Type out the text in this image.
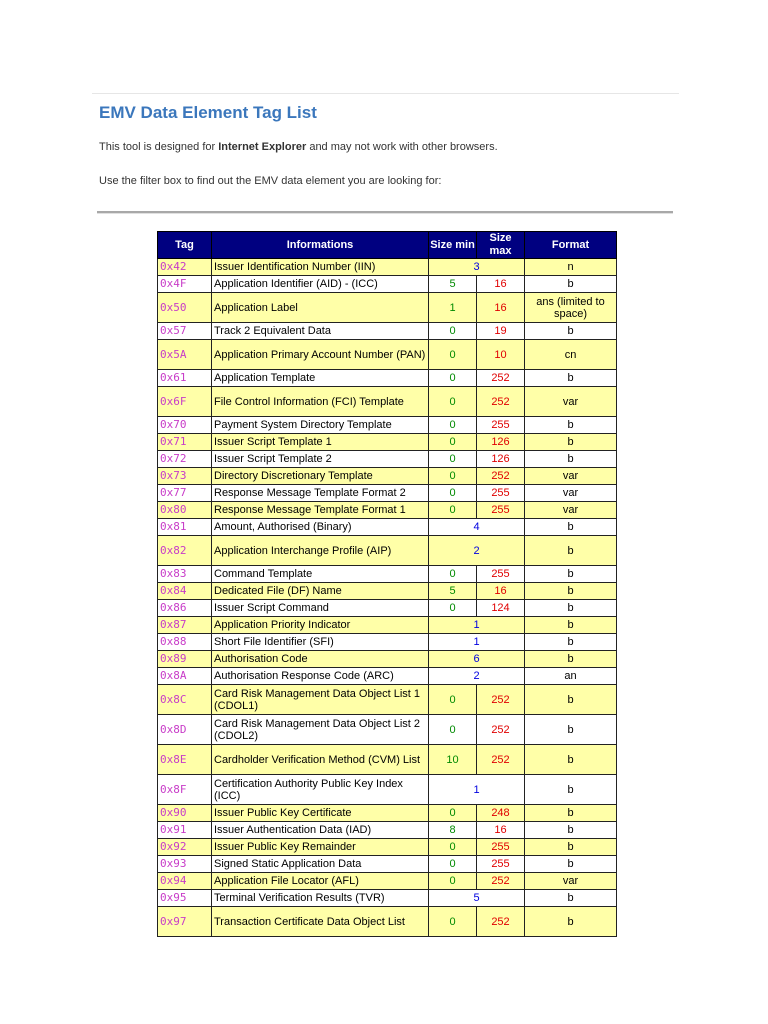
EMV Data Element Tag List
This tool is designed for Internet Explorer and may not work with other browsers.
Use the filter box to find out the EMV data element you are looking for:
Tag	Informations	Size min	Size max	Format
0x42	Issuer Identification Number (IIN)	3		n
0x4F	Application Identifier (AID) - (ICC)	5	16	b
0x50	Application Label	1	16	ans (limited to space)
0x57	Track 2 Equivalent Data	0	19	b
0x5A	Application Primary Account Number (PAN)	0	10	cn
0x61	Application Template	0	252	b
0x6F	File Control Information (FCI) Template	0	252	var
0x70	Payment System Directory Template	0	255	b
0x71	Issuer Script Template 1	0	126	b
0x72	Issuer Script Template 2	0	126	b
0x73	Directory Discretionary Template	0	252	var
0x77	Response Message Template Format 2	0	255	var
0x80	Response Message Template Format 1	0	255	var
0x81	Amount, Authorised (Binary)	4		b
0x82	Application Interchange Profile (AIP)	2		b
0x83	Command Template	0	255	b
0x84	Dedicated File (DF) Name	5	16	b
0x86	Issuer Script Command	0	124	b
0x87	Application Priority Indicator	1		b
0x88	Short File Identifier (SFI)	1		b
0x89	Authorisation Code	6		b
0x8A	Authorisation Response Code (ARC)	2		an
0x8C	Card Risk Management Data Object List 1 (CDOL1)	0	252	b
0x8D	Card Risk Management Data Object List 2 (CDOL2)	0	252	b
0x8E	Cardholder Verification Method (CVM) List	10	252	b
0x8F	Certification Authority Public Key Index (ICC)	1		b
0x90	Issuer Public Key Certificate	0	248	b
0x91	Issuer Authentication Data (IAD)	8	16	b
0x92	Issuer Public Key Remainder	0	255	b
0x93	Signed Static Application Data	0	255	b
0x94	Application File Locator (AFL)	0	252	var
0x95	Terminal Verification Results (TVR)	5		b
0x97	Transaction Certificate Data Object List	0	252	b
